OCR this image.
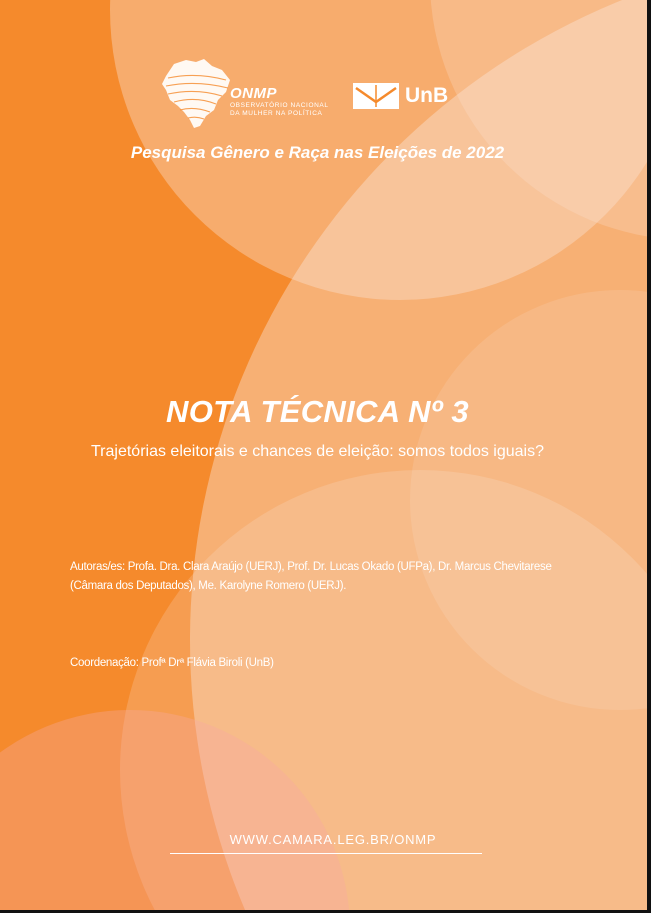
ONMP
OBSERVATÓRIO NACIONAL
DA MULHER NA POLÍTICA
UnB
Pesquisa Gênero e Raça nas Eleições de 2022
NOTA TÉCNICA Nº 3
Trajetórias eleitorais e chances de eleição: somos todos iguais?
Autoras/es: Profa. Dra. Clara Araújo (UERJ), Prof. Dr. Lucas Okado (UFPa), Dr. Marcus Chevitarese
(Câmara dos Deputados), Me. Karolyne Romero (UERJ).
Coordenação: Profª Drª Flávia Biroli (UnB)
WWW.CAMARA.LEG.BR/ONMP
